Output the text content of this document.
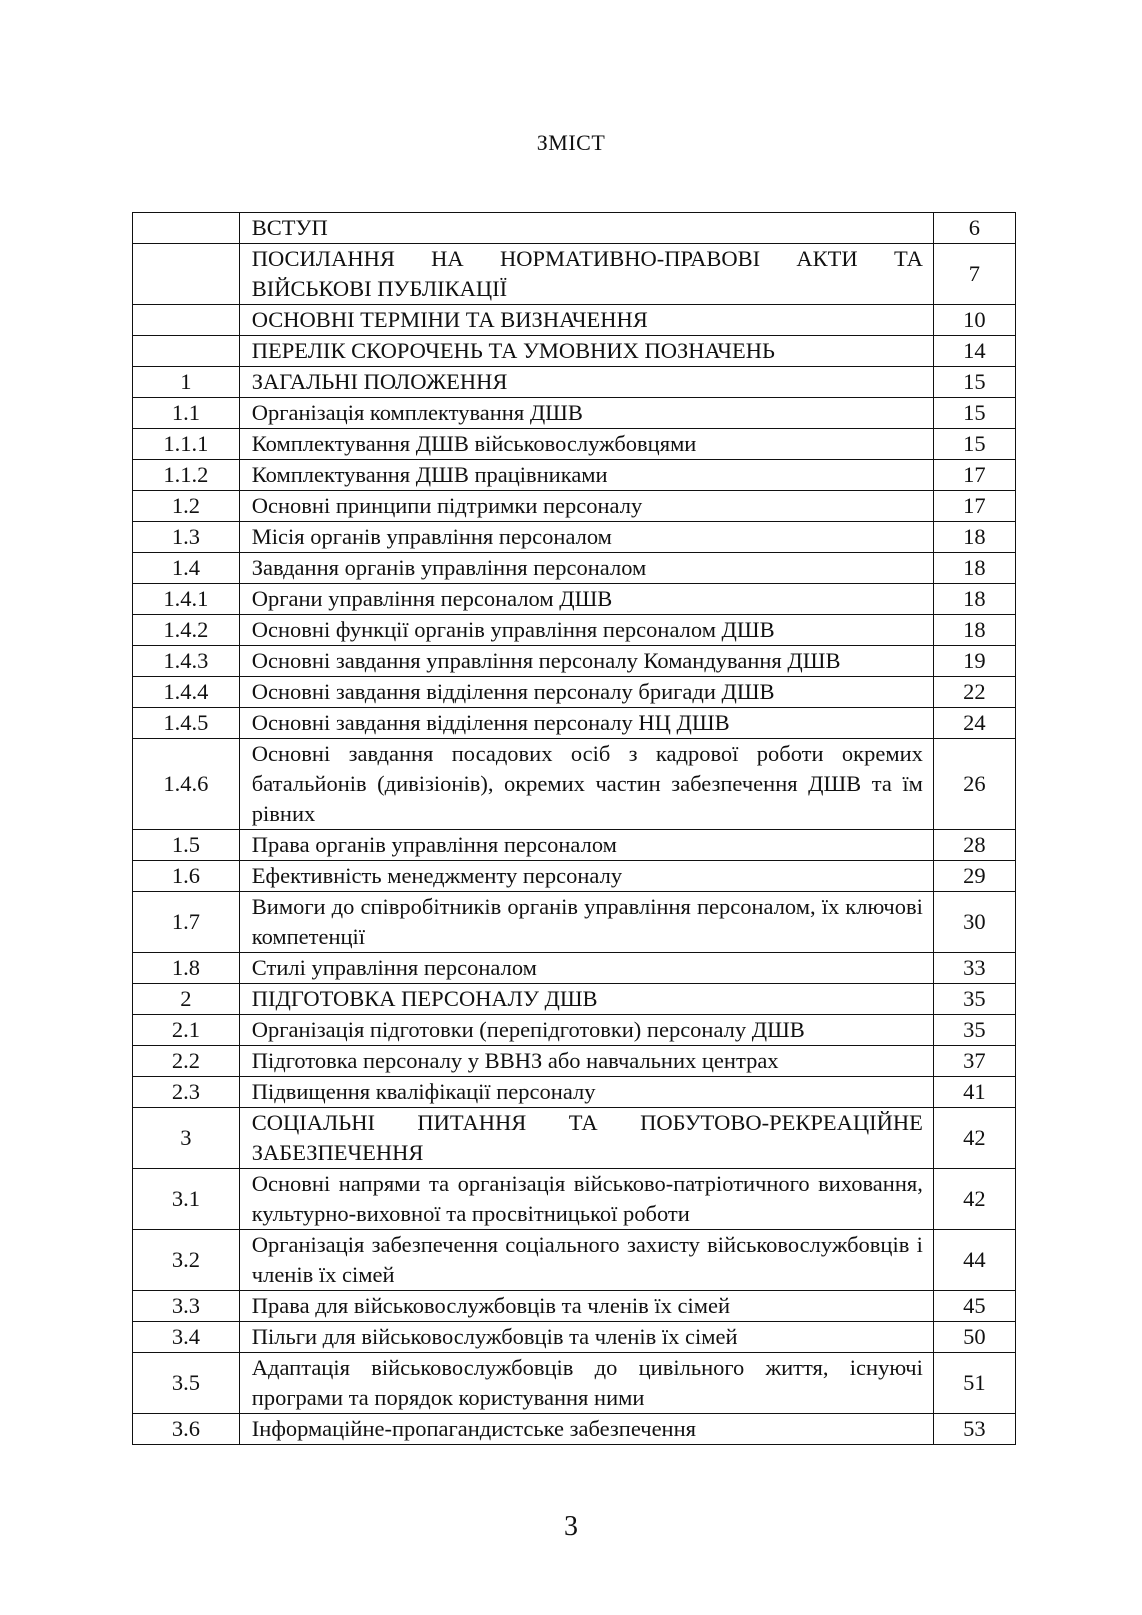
ЗМІСТ
	ВСТУП	6
	ПОСИЛАННЯ НА НОРМАТИВНО-ПРАВОВІ АКТИ ТА ВІЙСЬКОВІ ПУБЛІКАЦІЇ	7
	ОСНОВНІ ТЕРМІНИ ТА ВИЗНАЧЕННЯ	10
	ПЕРЕЛІК СКОРОЧЕНЬ ТА УМОВНИХ ПОЗНАЧЕНЬ	14
1	ЗАГАЛЬНІ ПОЛОЖЕННЯ	15
1.1	Організація комплектування ДШВ	15
1.1.1	Комплектування ДШВ військовослужбовцями	15
1.1.2	Комплектування ДШВ працівниками	17
1.2	Основні принципи підтримки персоналу	17
1.3	Місія органів управління персоналом	18
1.4	Завдання органів управління персоналом	18
1.4.1	Органи управління персоналом ДШВ	18
1.4.2	Основні функції органів управління персоналом ДШВ	18
1.4.3	Основні завдання управління персоналу Командування ДШВ	19
1.4.4	Основні завдання відділення персоналу бригади ДШВ	22
1.4.5	Основні завдання відділення персоналу НЦ ДШВ	24
1.4.6	Основні завдання посадових осіб з кадрової роботи окремих батальйонів (дивізіонів), окремих частин забезпечення ДШВ та їм рівних	26
1.5	Права органів управління персоналом	28
1.6	Ефективність менеджменту персоналу	29
1.7	Вимоги до співробітників органів управління персоналом, їх ключові компетенції	30
1.8	Стилі управління персоналом	33
2	ПІДГОТОВКА ПЕРСОНАЛУ ДШВ	35
2.1	Організація підготовки (перепідготовки) персоналу ДШВ	35
2.2	Підготовка персоналу у ВВНЗ або навчальних центрах	37
2.3	Підвищення кваліфікації персоналу	41
3	СОЦІАЛЬНІ ПИТАННЯ ТА ПОБУТОВО-РЕКРЕАЦІЙНЕ ЗАБЕЗПЕЧЕННЯ	42
3.1	Основні напрями та організація військово-патріотичного виховання, культурно-виховної та просвітницької роботи	42
3.2	Організація забезпечення соціального захисту військовослужбовців і членів їх сімей	44
3.3	Права для військовослужбовців та членів їх сімей	45
3.4	Пільги для військовослужбовців та членів їх сімей	50
3.5	Адаптація військовослужбовців до цивільного життя, існуючі програми та порядок користування ними	51
3.6	Інформаційне-пропагандистське забезпечення	53
3
